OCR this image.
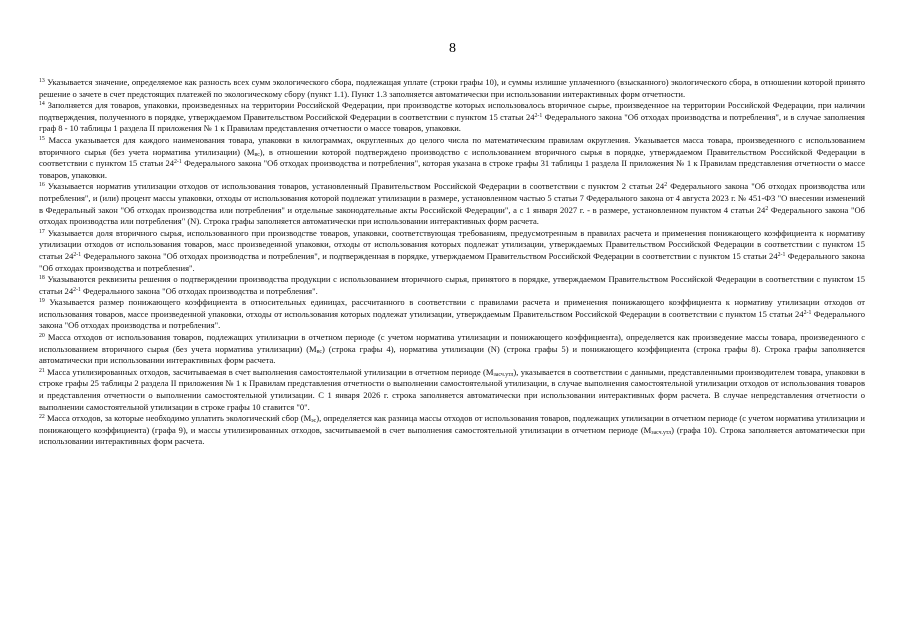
8

$^{13}$ Указывается значение, определяемое как разность всех сумм экологического сбора, подлежащая уплате (строки графы 10), и суммы излишне уплаченного (взысканного) экологического сбора, в отношении которой принято решение о зачете в счет предстоящих платежей по экологическому сбору (пункт 1.1). Пункт 1.3 заполняется автоматически при использовании интерактивных форм отчетности.

$^{14}$ Заполняется для товаров, упаковки, произведенных на территории Российской Федерации, при производстве которых использовалось вторичное сырье, произведенное на территории Российской Федерации, при наличии подтверждения, полученного в порядке, утверждаемом Правительством Российской Федерации в соответствии с пунктом 15 статьи 24$^{2-1}$ Федерального закона "Об отходах производства и потребления", и в случае заполнения граф 8 - 10 таблицы 1 раздела II приложения № 1 к Правилам представления отчетности о массе товаров, упаковки.

$^{15}$ Масса указывается для каждого наименования товара, упаковки в килограммах, округленных до целого числа по математическим правилам округления. Указывается масса товара, произведенного с использованием вторичного сырья (без учета норматива утилизации) $(M_{вс})$, в отношении которой подтверждено производство с использованием вторичного сырья в порядке, утверждаемом Правительством Российской Федерации в соответствии с пунктом 15 статьи 24$^{2-1}$ Федерального закона "Об отходах производства и потребления", которая указана в строке графы 31 таблицы 1 раздела II приложения № 1 к Правилам представления отчетности о массе товаров, упаковки.

$^{16}$ Указывается норматив утилизации отходов от использования товаров, установленный Правительством Российской Федерации в соответствии с пунктом 2 статьи $24^2$ Федерального закона "Об отходах производства или потребления", и (или) процент массы упаковки, отходы от использования которой подлежат утилизации в размере, установленном частью 5 статьи 7 Федерального закона от 4 августа 2023 г. № 451-ФЗ "О внесении изменений в Федеральный закон "Об отходах производства или потребления" и отдельные законодательные акты Российской Федерации", а с 1 января 2027 г. - в размере, установленном пунктом 4 статьи $24^2$ Федерального закона "Об отходах производства или потребления" (N). Строка графы заполняется автоматически при использовании интерактивных форм расчета.

$^{17}$ Указывается доля вторичного сырья, использованного при производстве товаров, упаковки, соответствующая требованиям, предусмотренным в правилах расчета и применения понижающего коэффициента к нормативу утилизации отходов от использования товаров, масс произведенной упаковки, отходы от использования которых подлежат утилизации, утверждаемых Правительством Российской Федерации в соответствии с пунктом 15 статьи 24$^{2-1}$ Федерального закона "Об отходах производства и потребления", и подтвержденная в порядке, утверждаемом Правительством Российской Федерации в соответствии с пунктом 15 статьи 24$^{2-1}$ Федерального закона "Об отходах производства и потребления".

$^{18}$ Указываются реквизиты решения о подтверждении производства продукции с использованием вторичного сырья, принятого в порядке, утверждаемом Правительством Российской Федерации в соответствии с пунктом 15 статьи 24$^{2-1}$ Федерального закона "Об отходах производства и потребления".

$^{19}$ Указывается размер понижающего коэффициента в относительных единицах, рассчитанного в соответствии с правилами расчета и применения понижающего коэффициента к нормативу утилизации отходов от использования товаров, массе произведенной упаковки, отходы от использования которых подлежат утилизации, утверждаемым Правительством Российской Федерации в соответствии с пунктом 15 статьи 24$^{2-1}$ Федерального закона "Об отходах производства и потребления".

$^{20}$ Масса отходов от использования товаров, подлежащих утилизации в отчетном периоде (с учетом норматива утилизации и понижающего коэффициента), определяется как произведение массы товара, произведенного с использованием вторичного сырья (без учета норматива утилизации) $(M_{вс})$ (строка графы 4), норматива утилизации (N) (строка графы 5) и понижающего коэффициента (строка графы 8). Строка графы заполняется автоматически при использовании интерактивных форм расчета.

$^{21}$ Масса утилизированных отходов, засчитываемая в счет выполнения самостоятельной утилизации в отчетном периоде $(M_{засч.утл})$, указывается в соответствии с данными, представленными производителем товара, упаковки в строке графы 25 таблицы 2 раздела II приложения № 1 к Правилам представления отчетности о выполнении самостоятельной утилизации, в случае выполнения самостоятельной утилизации отходов от использования товаров и представления отчетности о выполнении самостоятельной утилизации. С 1 января 2026 г. строка заполняется автоматически при использовании интерактивных форм расчета. В случае непредставления отчетности о выполнении самостоятельной утилизации в строке графы 10 ставится "0".

$^{22}$ Масса отходов, за которые необходимо уплатить экологический сбор $(M_{эс})$, определяется как разница массы отходов от использования товаров, подлежащих утилизации в отчетном периоде (с учетом норматива утилизации и понижающего коэффициента) (графа 9), и массы утилизированных отходов, засчитываемой в счет выполнения самостоятельной утилизации в отчетном периоде $(M_{засч.утл})$ (графа 10). Строка заполняется автоматически при использовании интерактивных форм расчета.
